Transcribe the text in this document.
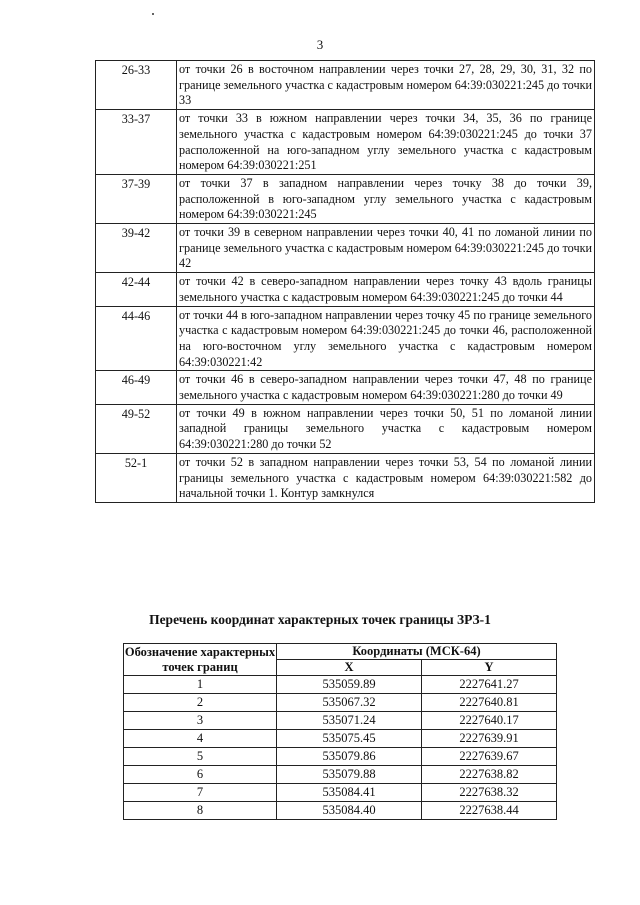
3
26-33	от точки 26 в восточном направлении через точки 27, 28, 29, 30, 31, 32 по границе земельного участка с кадастровым номером 64:39:030221:245 до точки 33
33-37	от точки 33 в южном направлении через точки 34, 35, 36 по границе земельного участка с кадастровым номером 64:39:030221:245 до точки 37 расположенной на юго-западном углу земельного участка с кадастровым номером 64:39:030221:251
37-39	от точки 37 в западном направлении через точку 38 до точки 39, расположенной в юго-западном углу земельного участка с кадастровым номером 64:39:030221:245
39-42	от точки 39 в северном направлении через точки 40, 41 по ломаной линии по границе земельного участка с кадастровым номером 64:39:030221:245 до точки 42
42-44	от точки 42 в северо-западном направлении через точку 43 вдоль границы земельного участка с кадастровым номером 64:39:030221:245 до точки 44
44-46	от точки 44 в юго-западном направлении через точку 45 по границе земельного участка с кадастровым номером 64:39:030221:245 до точки 46, расположенной на юго-восточном углу земельного участка с кадастровым номером 64:39:030221:42
46-49	от точки 46 в северо-западном направлении через точки 47, 48 по границе земельного участка с кадастровым номером 64:39:030221:280 до точки 49
49-52	от точки 49 в южном направлении через точки 50, 51 по ломаной линии западной границы земельного участка с кадастровым номером 64:39:030221:280 до точки 52
52-1	от точки 52 в западном направлении через точки 53, 54 по ломаной линии границы земельного участка с кадастровым номером 64:39:030221:582 до начальной точки 1. Контур замкнулся
Перечень координат характерных точек границы ЗРЗ-1
Обозначение характерных точек границ	Координаты (МСК-64)	
	X	Y
1	535059.89	2227641.27
2	535067.32	2227640.81
3	535071.24	2227640.17
4	535075.45	2227639.91
5	535079.86	2227639.67
6	535079.88	2227638.82
7	535084.41	2227638.32
8	535084.40	2227638.44
